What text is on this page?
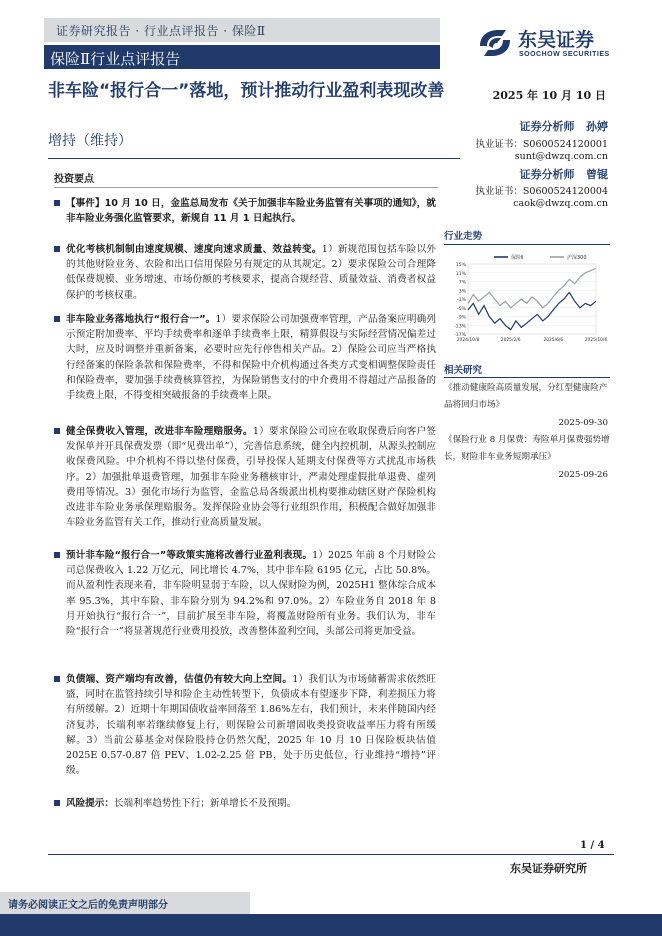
证券研究报告 · 行业点评报告 · 保险Ⅱ
保险Ⅱ行业点评报告
东吴证券
SOOCHOW SECURITIES
非车险“报行合一”落地，预计推动行业盈利表现改善
增持（维持）
2025 年 10 月 10 日
证券分析师 孙婷
执业证书：S0600524120001
sunt@dwzq.com.cn
证券分析师 曾锟
执业证书：S0600524120004
caok@dwzq.com.cn
投资要点
【事件】10 月 10 日，金监总局发布《关于加强非车险业务监管有关事项的通知》，就非车险业务强化监管要求，新规自 11 月 1 日起执行。
优化考核机制制由速度规模、速度向速求质量、效益转变。1）新规范围包括车险以外的其他财险业务、农险和出口信用保险另有规定的从其规定。2）要求保险公司合理降低保费规模、业务增速、市场份额的考核要求，提高合规经营、质量效益、消费者权益保护的考核权重。
非车险业务落地执行“报行合一”。1）要求保险公司加强费率管理，产品备案应明确列示预定附加费率、平均手续费率和逐单手续费率上限，精算假设与实际经营情况偏差过大时，应及时调整并重新备案，必要时应先行停售相关产品。2）保险公司应当严格执行经备案的保险条款和保险费率，不得和保险中介机构通过各类方式变相调整保险责任和保险费率，要加强手续费核算管控，为保险销售支付的中介费用不得超过产品报备的手续费上限，不得变相突破报备的手续费率上限。
健全保费收入管理，改进非车险理赔服务。1）要求保险公司应在收取保费后向客户签发保单并开具保费发票（即“见费出单”），完善信息系统，健全内控机制，从源头控制应收保费风险。中介机构不得以垫付保费，引导投保人延期支付保费等方式扰乱市场秩序。2）加强批单退费管理，加强非车险业务稽核审计，严肃处理虚假批单退费、虚列费用等情况。3）强化市场行为监管，金监总局各级派出机构要推动辖区财产保险机构改进非车险业务承保理赔服务。发挥保险业协会等行业组织作用，积极配合做好加强非车险业务监管有关工作，推动行业高质量发展。
预计非车险“报行合一”等政策实施将改善行业盈利表现。1）2025 年前 8 个月财险公司总保费收入 1.22 万亿元，同比增长 4.7%，其中非车险 6195 亿元，占比 50.8%。而从盈利性表现来看，非车险明显弱于车险，以人保财险为例，2025H1 整体综合成本率 95.3%，其中车险、非车险分别为 94.2%和 97.0%。2）车险业务自 2018 年 8 月开始执行“报行合一”，目前扩展至非车险，将覆盖财险所有业务。我们认为，非车险“报行合一”将显著规范行业费用投放，改善整体盈利空间，头部公司将更加受益。
负债端、资产端均有改善，估值仍有较大向上空间。1）我们认为市场储蓄需求依然旺盛，同时在监管持续引导和险企主动性转型下，负债成本有望逐步下降，利差损压力将有所缓解。2）近期十年期国债收益率回落至 1.86%左右，我们预计，未来伴随国内经济复苏，长端利率若继续修复上行，则保险公司新增固收类投资收益率压力将有所缓解。3）当前公募基金对保险股持仓仍然欠配，2025 年 10 月 10 日保险板块估值 2025E 0.57-0.87 倍 PEV、1.02-2.25 倍 PB，处于历史低位，行业维持“增持”评级。
风险提示：长端利率趋势性下行；新单增长不及预期。
行业走势
15%
11%
7%
3%
-1%
-5%
-9%
-13%
-17%
2024/10/8	2025/2/6	2025/6/6	2025/10/6
保险Ⅱ	沪深300
相关研究
《推动健康险高质量发展，分红型健康险产品将回归市场》
2025-09-30
《保险行业 8 月保费：寿险单月保费强势增长，财险非车业务短期承压》
2025-09-26
1 / 4
东吴证券研究所
请务必阅读正文之后的免责声明部分
